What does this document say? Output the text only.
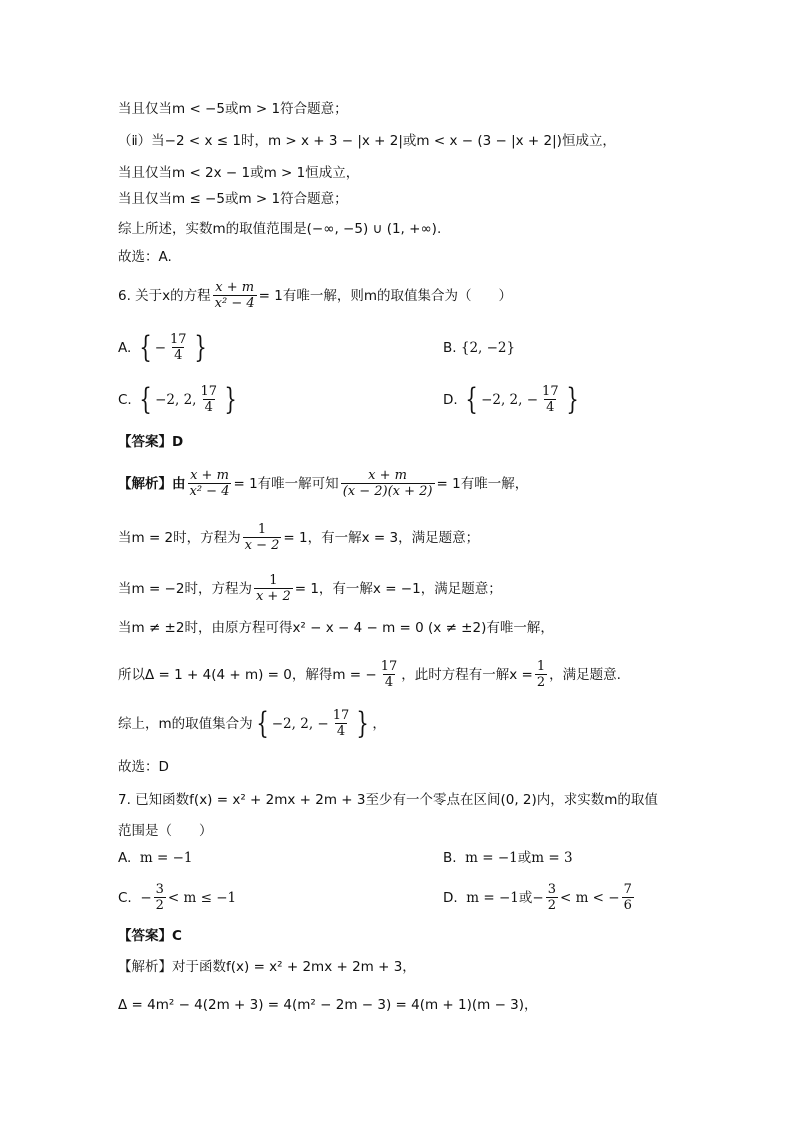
当且仅当m < −5或m > 1符合题意；
（ⅱ）当−2 < x ≤ 1时，m > x + 3 − |x + 2|或m < x − (3 − |x + 2|)恒成立，
当且仅当m < 2x − 1或m > 1恒成立，
当且仅当m ≤ −5或m > 1符合题意；
综上所述，实数m的取值范围是(−∞, −5) ∪ (1, +∞).
故选：A.
6. 关于x的方程 $\frac{x + m}{\text{x² − 4}} = 1$有唯一解，则m的取值集合为（　　）
A. { − $\frac{17}{4}$ }	B. {2, −2}
C. { −2, 2, $\frac{17}{4}$ }	D. { −2, 2, − $\frac{17}{4}$ }
【答案】D
【解析】由 $\frac{x + m}{\text{x² − 4}} = 1$有唯一解可知 $\frac{x + m}{(x - 2)(x + 2)} = 1$有唯一解，
当m = 2时，方程为 $\frac{1}{x - 2} = 1$，有一解x = 3，满足题意；
当m = −2时，方程为 $\frac{1}{x + 2} = 1$，有一解x = −1，满足题意；
当m ≠ ±2时，由原方程可得x² − x − 4 − m = 0 (x ≠ ±2)有唯一解，
所以Δ = 1 + 4(4 + m) = 0，解得m = − $\frac{17}{4}$ ，此时方程有一解$x = \frac{1}{2}$ ，满足题意.
综上，m的取值集合为 { −2, 2, − $\frac{17}{4}$ } ，
故选：D
7. 已知函数f(x) = x² + 2mx + 2m + 3至少有一个零点在区间(0, 2)内，求实数m的取值
范围是（　　）
A. m = −1	B. m = −1或m = 3
C. − $\frac{3}{2} < m \le -1$	D. m = −1或− $\frac{3}{2} < m$ < − $\frac{7}{6}$
【答案】C
【解析】对于函数f(x) = x² + 2mx + 2m + 3，
Δ = 4m² − 4(2m + 3) = 4(m² − 2m − 3) = 4(m + 1)(m − 3)，
